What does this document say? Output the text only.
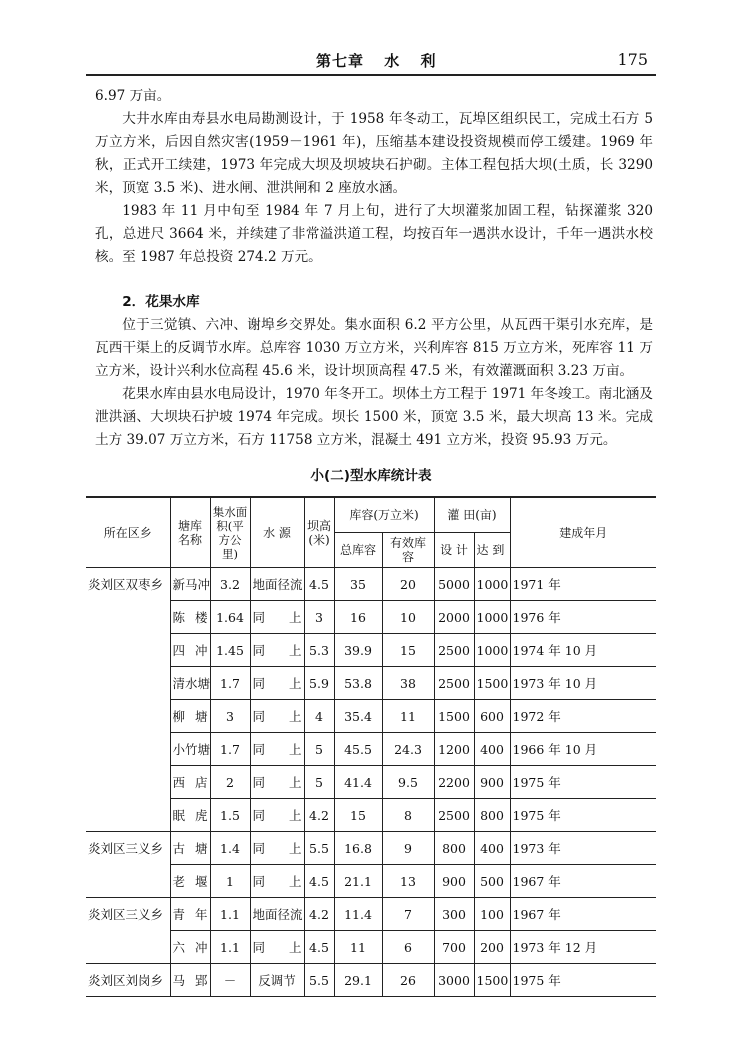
第七章 水 利	175

6.97 万亩。

大井水库由寿县水电局勘测设计，于 1958 年冬动工，瓦埠区组织民工，完成土石方 5 万立方米，后因自然灾害(1959－1961 年)，压缩基本建设投资规模而停工缓建。1969 年秋，正式开工续建，1973 年完成大坝及坝坡块石护砌。主体工程包括大坝(土质，长 3290 米，顶宽 3.5 米)、进水闸、泄洪闸和 2 座放水涵。

1983 年 11 月中旬至 1984 年 7 月上旬，进行了大坝灌浆加固工程，钻探灌浆 320 孔，总进尺 3664 米，并续建了非常溢洪道工程，均按百年一遇洪水设计，千年一遇洪水校核。至 1987 年总投资 274.2 万元。

2．花果水库

位于三觉镇、六冲、谢埠乡交界处。集水面积 6.2 平方公里，从瓦西干渠引水充库，是瓦西干渠上的反调节水库。总库容 1030 万立方米，兴利库容 815 万立方米，死库容 11 万立方米，设计兴利水位高程 45.6 米，设计坝顶高程 47.5 米，有效灌溉面积 3.23 万亩。

花果水库由县水电局设计，1970 年冬开工。坝体土方工程于 1971 年冬竣工。南北涵及泄洪涵、大坝块石护坡 1974 年完成。坝长 1500 米，顶宽 3.5 米，最大坝高 13 米。完成土方 39.07 万立方米，石方 11758 立方米，混凝土 491 立方米，投资 95.93 万元。

小(二)型水库统计表
所在区乡	塘库名称	集水面积(平方公里)	水 源	坝高(米)	库容(万立米)		灌 田(亩)		建成年月
					总库容	有效库容	设 计	达 到	
炎刘区双枣乡	新马冲	3.2	地面径流	4.5	35	20	5000	1000	1971 年
	陈楼	1.64	同上	3	16	10	2000	1000	1976 年
	四冲	1.45	同上	5.3	39.9	15	2500	1000	1974 年 10 月
	清水塘	1.7	同上	5.9	53.8	38	2500	1500	1973 年 10 月
	柳塘	3	同上	4	35.4	11	1500	600	1972 年
	小竹塘	1.7	同上	5	45.5	24.3	1200	400	1966 年 10 月
	西店	2	同上	5	41.4	9.5	2200	900	1975 年
	眠虎	1.5	同上	4.2	15	8	2500	800	1975 年
炎刘区三义乡	古塘	1.4	同上	5.5	16.8	9	800	400	1973 年
	老堰	1	同上	4.5	21.1	13	900	500	1967 年
炎刘区三义乡	青年	1.1	地面径流	4.2	11.4	7	300	100	1967 年
	六冲	1.1	同上	4.5	11	6	700	200	1973 年 12 月
炎刘区刘岗乡	马郢	－	反调节	5.5	29.1	26	3000	1500	1975 年
